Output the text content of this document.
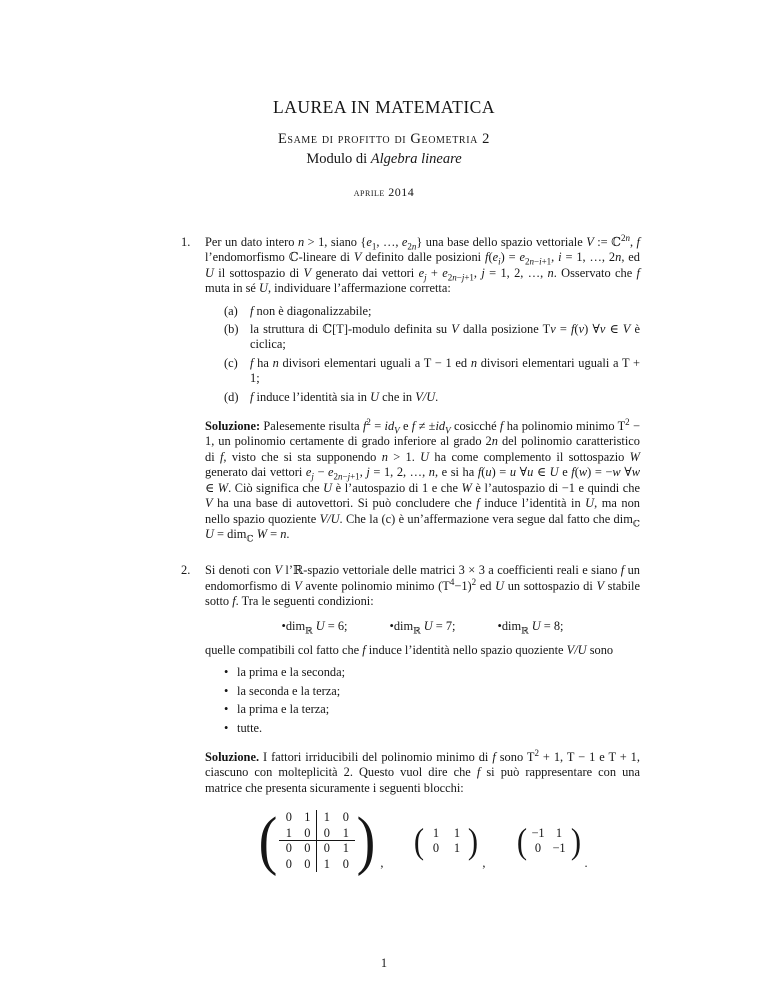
LAUREA IN MATEMATICA
Esame di profitto di Geometria 2
Modulo di Algebra lineare
aprile 2014
1. Per un dato intero n > 1, siano {$e_1$, …, $e_{2n}$} una base dello spazio vettoriale V := ℂ$^{2n}$, f l’endomorfismo ℂ-lineare di V definito dalle posizioni $f(e_i) = e_{2n-i+1}$, i = 1, …, 2n, ed U il sottospazio di V generato dai vettori $e_j + e_{2n-j+1}$, j = 1, 2, …, n. Osservato che f muta in sé U, individuare l’affermazione corretta:

(a) f non è diagonalizzabile;
(b) la struttura di ℂ[T]-modulo definita su V dalla posizione Tv = f(v) ∀v ∈ V è ciclica;
(c) f ha n divisori elementari uguali a T − 1 ed n divisori elementari uguali a T + 1;
(d) f induce l’identità sia in U che in V/U.

Soluzione: Palesemente risulta $f^2 = id_V$ e $f \ne \pm id_V$ cosicché f ha polinomio minimo $T^2 - 1$, un polinomio certamente di grado inferiore al grado 2n del polinomio caratteristico di f, visto che si sta supponendo n > 1. U ha come complemento il sottospazio W generato dai vettori $e_j - e_{2n-j+1}$, j = 1, 2, …, n, e si ha f(u) = u ∀u ∈ U e f(w) = −w ∀w ∈ W. Ciò significa che U è l’autospazio di 1 e che W è l’autospazio di −1 e quindi che V ha una base di autovettori. Si può concludere che f induce l’identità in U, ma non nello spazio quoziente V/U. Che la (c) è un’affermazione vera segue dal fatto che dim$_ℂ$ U = dim$_ℂ$ W = n.

2. Si denoti con V l’ℝ-spazio vettoriale delle matrici 3 × 3 a coefficienti reali e siano f un endomorfismo di V avente polinomio minimo $(T^4-1)^2$ ed U un sottospazio di V stabile sotto f. Tra le seguenti condizioni:

•dim$_ℝ$ U = 6;	•dim$_ℝ$ U = 7;	•dim$_ℝ$ U = 8;

quelle compatibili col fatto che f induce l’identità nello spazio quoziente V/U sono

• la prima e la seconda;
• la seconda e la terza;
• la prima e la terza;
• tutte.

Soluzione. I fattori irriducibili del polinomio minimo di f sono $T^2 + 1$, T − 1 e T + 1, ciascuno con molteplicità 2. Questo vuol dire che f si può rappresentare con una matrice che presenta sicuramente i seguenti blocchi:

( 0 1	1	0
1 0	0	1
0 0	0	1
0 0	1	0 ) ,
( 1	1
0	1 )
,
( −1 1
0 −1 )
.
1
